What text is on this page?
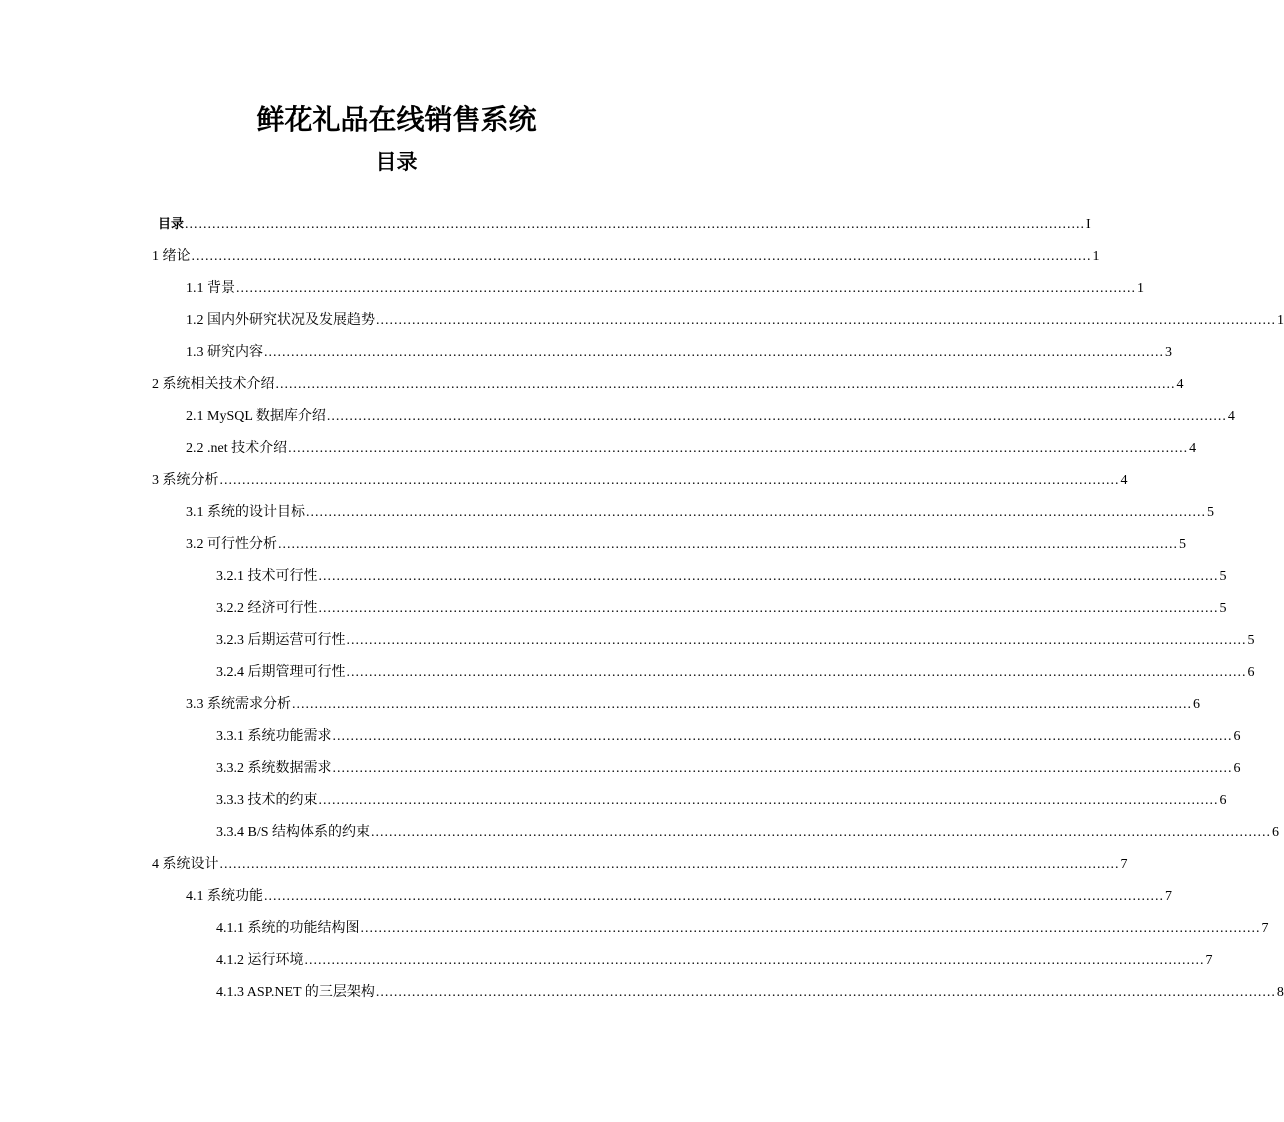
鲜花礼品在线销售系统
目录
目录 ........................................................................................................................................................................................................ I
1 绪论 ........................................................................................................................................................................................................ 1
1.1 背景 ........................................................................................................................................................................................................ 1
1.2 国内外研究状况及发展趋势 ........................................................................................................................................................................................................ 1
1.3 研究内容 ........................................................................................................................................................................................................ 3
2 系统相关技术介绍 ........................................................................................................................................................................................................ 4
2.1 MySQL 数据库介绍 ........................................................................................................................................................................................................ 4
2.2 .net 技术介绍 ........................................................................................................................................................................................................ 4
3 系统分析 ........................................................................................................................................................................................................ 4
3.1 系统的设计目标 ........................................................................................................................................................................................................ 5
3.2 可行性分析 ........................................................................................................................................................................................................ 5
3.2.1 技术可行性 ........................................................................................................................................................................................................ 5
3.2.2 经济可行性 ........................................................................................................................................................................................................ 5
3.2.3 后期运营可行性 ........................................................................................................................................................................................................ 5
3.2.4 后期管理可行性 ........................................................................................................................................................................................................ 6
3.3 系统需求分析 ........................................................................................................................................................................................................ 6
3.3.1 系统功能需求 ........................................................................................................................................................................................................ 6
3.3.2 系统数据需求 ........................................................................................................................................................................................................ 6
3.3.3 技术的约束 ........................................................................................................................................................................................................ 6
3.3.4 B/S 结构体系的约束 ........................................................................................................................................................................................................ 6
4 系统设计 ........................................................................................................................................................................................................ 7
4.1 系统功能 ........................................................................................................................................................................................................ 7
4.1.1 系统的功能结构图 ........................................................................................................................................................................................................ 7
4.1.2 运行环境 ........................................................................................................................................................................................................ 7
4.1.3 ASP.NET 的三层架构 ........................................................................................................................................................................................................ 8
